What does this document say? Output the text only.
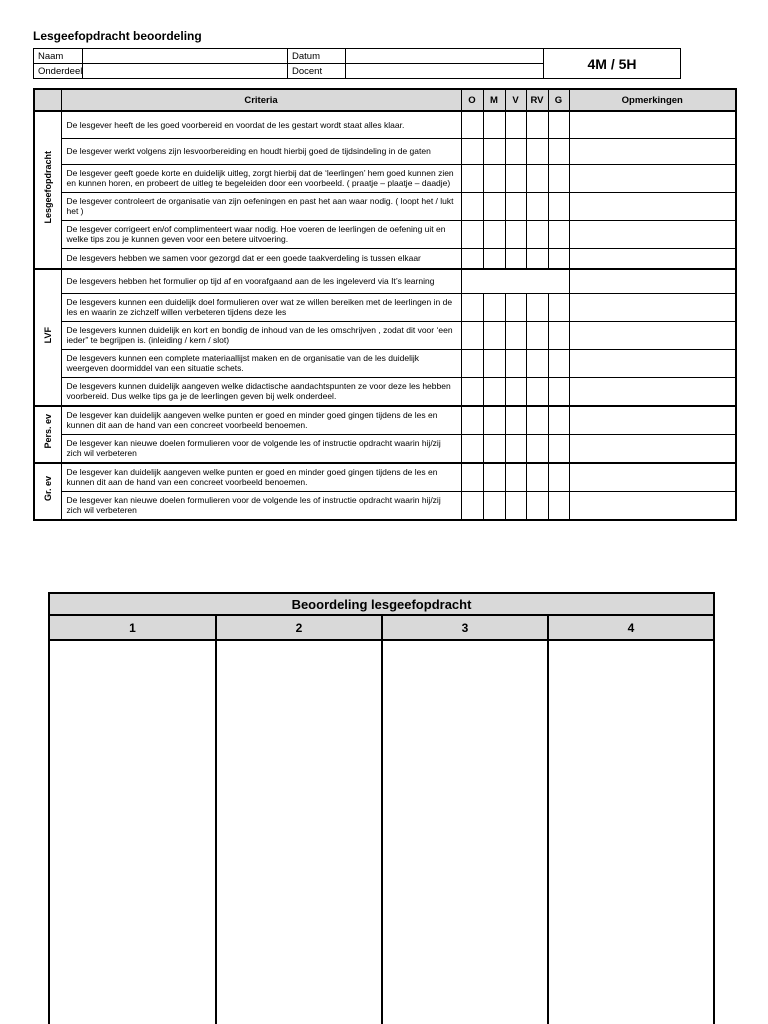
Lesgeefopdracht beoordeling
Naam		Datum		4M / 5H
Onderdeel		Docent		
	Criteria	O	M	V	RV	G	Opmerkingen
Lesgeefopdracht	De lesgever heeft de les goed voorbereid en voordat de les gestart wordt staat alles klaar.						
	De lesgever werkt volgens zijn lesvoorbereiding en houdt hierbij goed de tijdsindeling in de gaten						
	De lesgever geeft goede korte en duidelijk uitleg, zorgt hierbij dat de ‘leerlingen’ hem goed kunnen zien en kunnen horen, en probeert de uitleg te begeleiden door een voorbeeld. ( praatje – plaatje – daadje)						
	De lesgever controleert de organisatie van zijn oefeningen en past het aan waar nodig. ( loopt het / lukt het )						
	De lesgever corrigeert en/of complimenteert waar nodig. Hoe voeren de leerlingen de oefening uit en welke tips zou je kunnen geven voor een betere uitvoering.						
	De lesgevers hebben we samen voor gezorgd dat er een goede taakverdeling is tussen elkaar						
LVF	De lesgevers hebben het formulier op tijd af en voorafgaand aan de les ingeleverd via It’s learning						
	De lesgevers kunnen een duidelijk doel formulieren over wat ze willen bereiken met de leerlingen in de les en waarin ze zichzelf willen verbeteren tijdens deze les						
	De lesgevers kunnen duidelijk en kort en bondig de inhoud van de les omschrijven , zodat dit voor ‘een ieder” te begrijpen is. (inleiding / kern / slot)						
	De lesgevers kunnen een complete materiaallijst maken en de organisatie van de les duidelijk weergeven doormiddel van een situatie schets.						
	De lesgevers kunnen duidelijk aangeven welke didactische aandachtspunten ze voor deze les hebben voorbereid. Dus welke tips ga je de leerlingen geven bij welk onderdeel.						
Pers. ev	De lesgever kan duidelijk aangeven welke punten er goed en minder goed gingen tijdens de les en kunnen dit aan de hand van een concreet voorbeeld benoemen.						
	De lesgever kan nieuwe doelen formulieren voor de volgende les of instructie opdracht waarin hij/zij zich wil verbeteren						
Gr. ev	De lesgever kan duidelijk aangeven welke punten er goed en minder goed gingen tijdens de les en kunnen dit aan de hand van een concreet voorbeeld benoemen.						
	De lesgever kan nieuwe doelen formulieren voor de volgende les of instructie opdracht waarin hij/zij zich wil verbeteren						
Beoordeling lesgeefopdracht			
1	2	3	4
